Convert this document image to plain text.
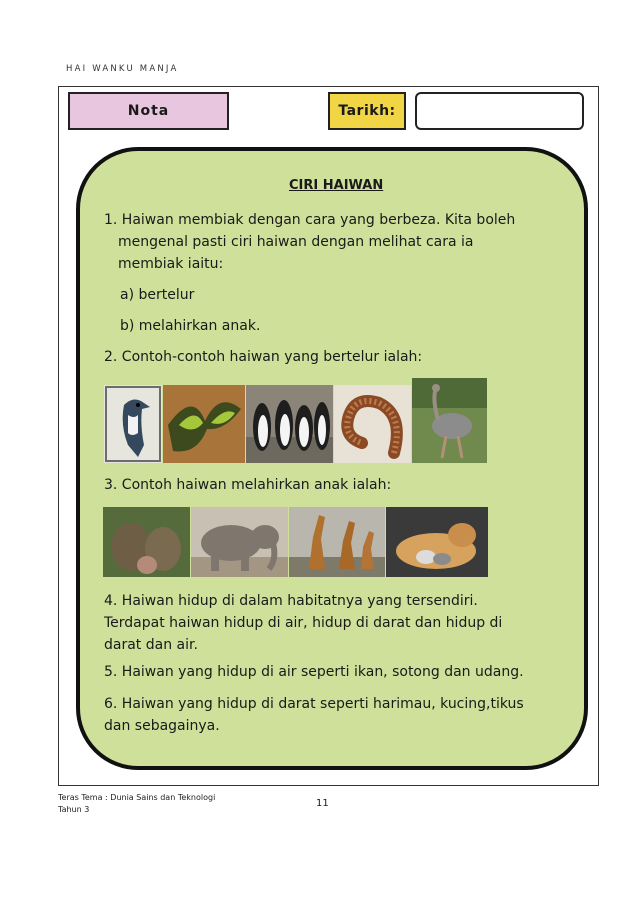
HAI WANKU MANJA
Nota	Tarikh:
CIRI HAIWAN
1. Haiwan membiak dengan cara yang berbeza. Kita boleh
mengenal pasti ciri haiwan dengan melihat cara ia
membiak iaitu:
a) bertelur
b) melahirkan anak.
2. Contoh-contoh haiwan yang bertelur ialah:
3. Contoh haiwan melahirkan anak ialah:
4. Haiwan hidup di dalam habitatnya yang tersendiri.
Terdapat haiwan hidup di air, hidup di darat dan hidup di
darat dan air.
5. Haiwan yang hidup di air seperti ikan, sotong dan udang.
6. Haiwan yang hidup di darat seperti harimau, kucing,tikus
dan sebagainya.
Teras Tema : Dunia Sains dan Teknologi
Tahun 3
11
